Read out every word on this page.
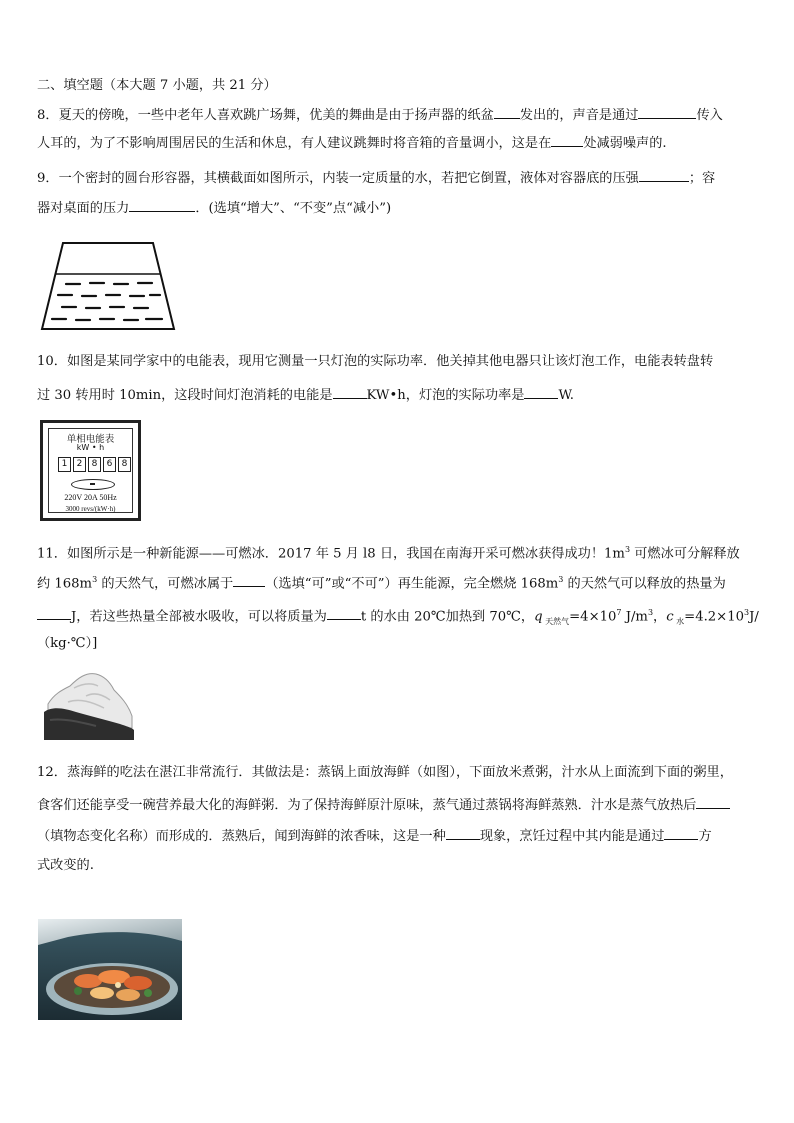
二、填空题（本大题 7 小题，共 21 分）
8．夏天的傍晚，一些中老年人喜欢跳广场舞，优美的舞曲是由于扬声器的纸盆 发出的，声音是通过	传入
人耳的，为了不影响周围居民的生活和休息，有人建议跳舞时将音箱的音量调小，这是在 处减弱噪声的.
9．一个密封的圆台形容器，其横截面如图所示，内装一定质量的水，若把它倒置，液体对容器底的压强	；容
器对桌面的压力	．(选填“增大”、“不变”点“减小”)
10．如图是某同学家中的电能表，现用它测量一只灯泡的实际功率．他关掉其他电器只让该灯泡工作，电能表转盘转
过 30 转用时 10min，这段时间灯泡消耗的电能是	KW•h，灯泡的实际功率是	W.
单相电能表
kW • h
1	2	8	6	8
220V 20A 50Hz
3000 revs/(kW·h)
11．如图所示是一种新能源——可燃冰．2017 年 5 月 l8 日，我国在南海开采可燃冰获得成功！$1m^3$ 可燃冰可分解释放
约 $168m^3$ 的天然气，可燃冰属于 （选填“可”或“不可”）再生能源，完全燃烧 $168m^3$ 的天然气可以释放的热量为
J，若这些热量全部被水吸收，可以将质量为	t 的水由 20℃加热到 70℃，q $_{天然气}=4\times 10^7$ $J/m^3$，c $_水=4.2\times 10^3J/$
（kg·℃）]
12．蒸海鲜的吃法在湛江非常流行．其做法是：蒸锅上面放海鲜（如图），下面放米煮粥，汁水从上面流到下面的粥里，
食客们还能享受一碗营养最大化的海鲜粥．为了保持海鲜原汁原味，蒸气通过蒸锅将海鲜蒸熟．汁水是蒸气放热后
（填物态变化名称）而形成的．蒸熟后，闻到海鲜的浓香味，这是一种	现象，烹饪过程中其内能是通过	方
式改变的.
